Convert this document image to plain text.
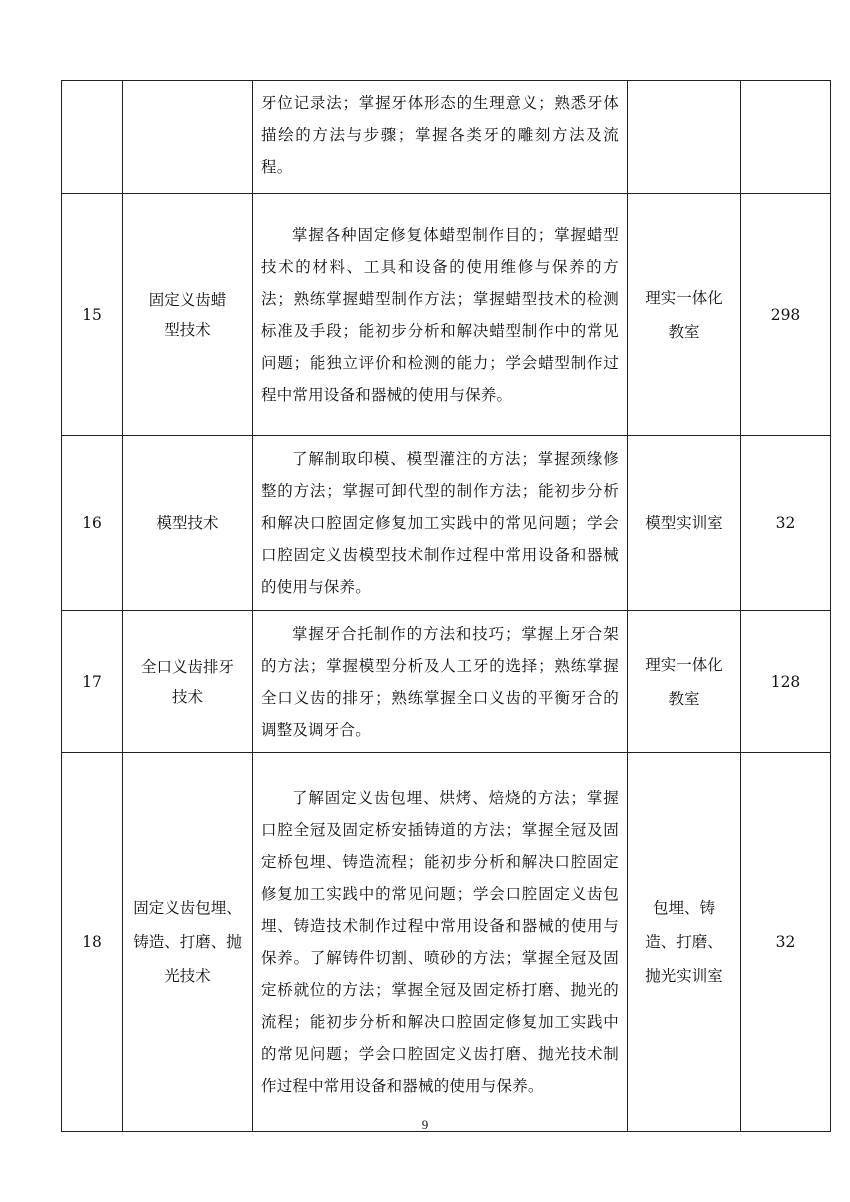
		牙位记录法；掌握牙体形态的生理意义；熟悉牙体描绘的方法与步骤；掌握各类牙的雕刻方法及流程。		
15	固定义齿蜡型技术	掌握各种固定修复体蜡型制作目的；掌握蜡型技术的材料、工具和设备的使用维修与保养的方法；熟练掌握蜡型制作方法；掌握蜡型技术的检测标准及手段；能初步分析和解决蜡型制作中的常见问题；能独立评价和检测的能力；学会蜡型制作过程中常用设备和器械的使用与保养。	理实一体化教室	298
16	模型技术	了解制取印模、模型灌注的方法；掌握颈缘修整的方法；掌握可卸代型的制作方法；能初步分析和解决口腔固定修复加工实践中的常见问题；学会口腔固定义齿模型技术制作过程中常用设备和器械的使用与保养。	模型实训室	32
17	全口义齿排牙技术	掌握牙合托制作的方法和技巧；掌握上牙合架的方法；掌握模型分析及人工牙的选择；熟练掌握全口义齿的排牙；熟练掌握全口义齿的平衡牙合的调整及调牙合。	理实一体化教室	128
18	固定义齿包埋、铸造、打磨、抛光技术	了解固定义齿包埋、烘烤、焙烧的方法；掌握口腔全冠及固定桥安插铸道的方法；掌握全冠及固定桥包埋、铸造流程；能初步分析和解决口腔固定修复加工实践中的常见问题；学会口腔固定义齿包埋、铸造技术制作过程中常用设备和器械的使用与保养。了解铸件切割、喷砂的方法；掌握全冠及固定桥就位的方法；掌握全冠及固定桥打磨、抛光的流程；能初步分析和解决口腔固定修复加工实践中的常见问题；学会口腔固定义齿打磨、抛光技术制作过程中常用设备和器械的使用与保养。	包埋、铸造、打磨、抛光实训室	32
9
